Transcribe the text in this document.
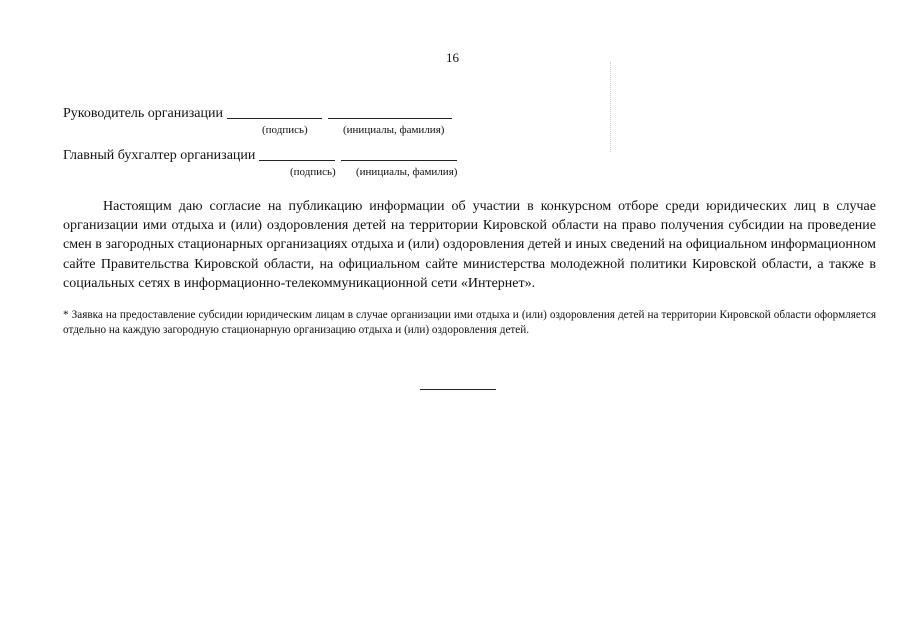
16
Руководитель организации
(подпись)	(инициалы, фамилия)
Главный бухгалтер организации
(подпись) (инициалы, фамилия)

Настоящим даю согласие на публикацию информации об участии в конкурсном отборе среди юридических лиц в случае организации ими отдыха и (или) оздоровления детей на территории Кировской области на право получения субсидии на проведение смен в загородных стационарных организациях отдыха и (или) оздоровления детей и иных сведений на официальном информационном сайте Правительства Кировской области, на официальном сайте министерства молодежной политики Кировской области, а также в социальных сетях в информационно-телекоммуникационной сети «Интернет».

* Заявка на предоставление субсидии юридическим лицам в случае организации ими отдыха и (или) оздоровления детей на территории Кировской области оформляется отдельно на каждую загородную стационарную организацию отдыха и (или) оздоровления детей.
